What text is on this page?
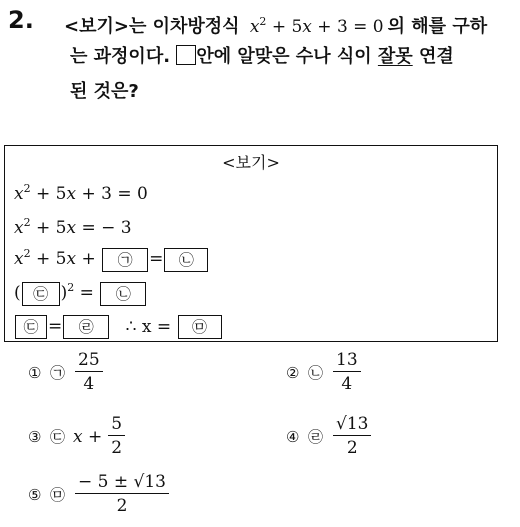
2. <보기>는 이차방정식 $x^2 + 5x + 3 = 0$ 의 해를 구하
는 과정이다. 안에 알맞은 수나 식이 잘못 연결
된 것은?
<보기>
$x^2 + 5x + 3 = 0$
$x^2 + 5x$ = − 3
$x^2 + 5x$ + ㉠ = ㉡
( ㉢ )$^2$ = ㉡
㉢ = ㉣ ∴ x = ㉤
① ㉠ $\frac{25}{4}$	② ㉡ $\frac{13}{4}$
③ ㉢ $x + \frac{5}{2}$	④ ㉣ $\frac{√13}{2}$
⑤ ㉤ $\frac{- 5 \pm √13}{2}$
